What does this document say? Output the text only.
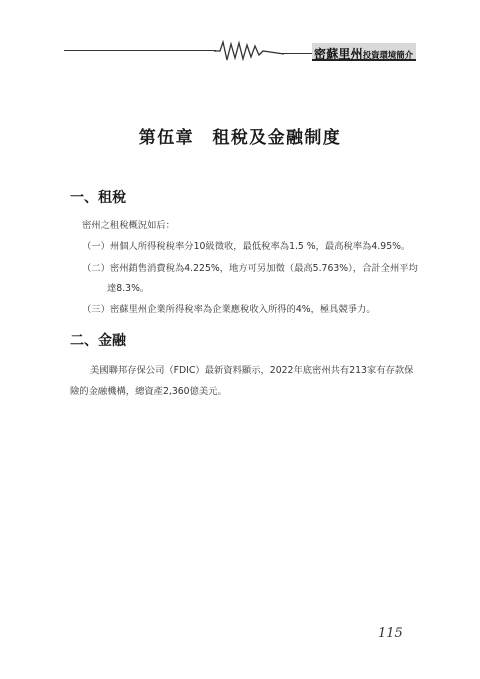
密蘇里州投資環境簡介
第伍章　租稅及金融制度
一、租稅
密州之租稅概況如后：
（一）州個人所得稅稅率分10級徵收，最低稅率為1.5 %，最高稅率為4.95%。
（二）密州銷售消費稅為4.225%，地方可另加徵（最高5.763%），合計全州平均
達8.3%。
（三）密蘇里州企業所得稅率為企業應稅收入所得的4%，極具競爭力。
二、金融
美國聯邦存保公司（FDIC）最新資料顯示，2022年底密州共有213家有存款保
險的金融機構，總資產2,360億美元。
115
